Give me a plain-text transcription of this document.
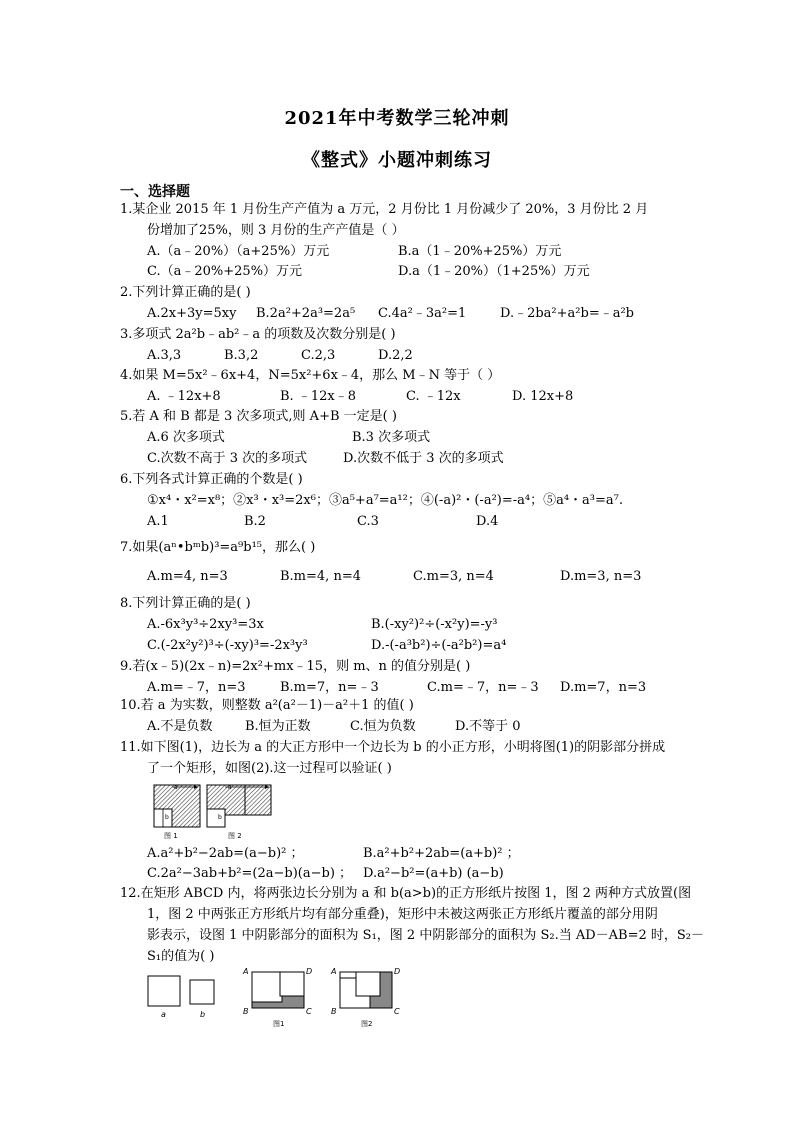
2021年中考数学三轮冲刺
《整式》小题冲刺练习
一、选择题
1.某企业 2015 年 1 月份生产产值为 a 万元，2 月份比 1 月份减少了 20%，3 月份比 2 月
份增加了25%，则 3 月份的生产产值是（ ）
A.（a﹣20%）（a+25%）万元	B.a（1﹣20%+25%）万元
C.（a﹣20%+25%）万元	D.a（1﹣20%）（1+25%）万元
2.下列计算正确的是( )
A.2x+3y=5xy B.2a²+2a³=2a⁵ C.4a²﹣3a²=1	D.﹣2ba²+a²b=﹣a²b
3.多项式 2a²b﹣ab²﹣a 的项数及次数分别是( )
A.3,3	B.3,2	C.2,3	D.2,2
4.如果 M=5x²﹣6x+4，N=5x²+6x﹣4，那么 M﹣N 等于（ ）
A. ﹣12x+8	B. ﹣12x﹣8	C. ﹣12x	D. 12x+8
5.若 A 和 B 都是 3 次多项式,则 A+B 一定是( )
A.6 次多项式	B.3 次多项式
C.次数不高于 3 次的多项式	D.次数不低于 3 次的多项式
6.下列各式计算正确的个数是( )
①x⁴・x²=x⁸；②x³・x³=2x⁶；③a⁵+a⁷=a¹²；④(-a)²・(-a²)=-a⁴；⑤a⁴・a³=a⁷.
A.1	B.2	C.3	D.4
7.如果(aⁿ•bᵐb)³=a⁹b¹⁵，那么( )
A.m=4, n=3	B.m=4, n=4	C.m=3, n=4	D.m=3, n=3
8.下列计算正确的是( )
A.-6x³y³÷2xy³=3x	B.(-xy²)²÷(-x²y)=-y³
C.(-2x²y²)³÷(-xy)³=-2x³y³	D.-(-a³b²)÷(-a²b²)=a⁴
9.若(x﹣5)(2x﹣n)=2x²+mx﹣15，则 m、n 的值分别是( )
A.m=﹣7，n=3	B.m=7，n=﹣3	C.m=﹣7，n=﹣3 D.m=7，n=3
10.若 a 为实数，则整数 a²(a²－1)－a²＋1 的值( )
A.不是负数 B.恒为正数	C.恒为负数	D.不等于 0
11.如下图(1)，边长为 a 的大正方形中一个边长为 b 的小正方形，小明将图(1)的阴影部分拼成
了一个矩形，如图(2).这一过程可以验证( )
a
b
图 1
a
b
图 2
A.a²+b²−2ab=(a−b)² ；	B.a²+b²+2ab=(a+b)² ；
C.2a²−3ab+b²=(2a−b)(a−b) ； D.a²−b²=(a+b) (a−b)
12.在矩形 ABCD 内，将两张边长分别为 a 和 b(a>b)的正方形纸片按图 1，图 2 两种方式放置(图
1，图 2 中两张正方形纸片均有部分重叠)，矩形中未被这两张正方形纸片覆盖的部分用阴
影表示，设图 1 中阴影部分的面积为 S₁，图 2 中阴影部分的面积为 S₂.当 AD－AB=2 时，S₂－
S₁的值为( )
a	b
A
B	C
D
图1
A
B	C
D
图2
